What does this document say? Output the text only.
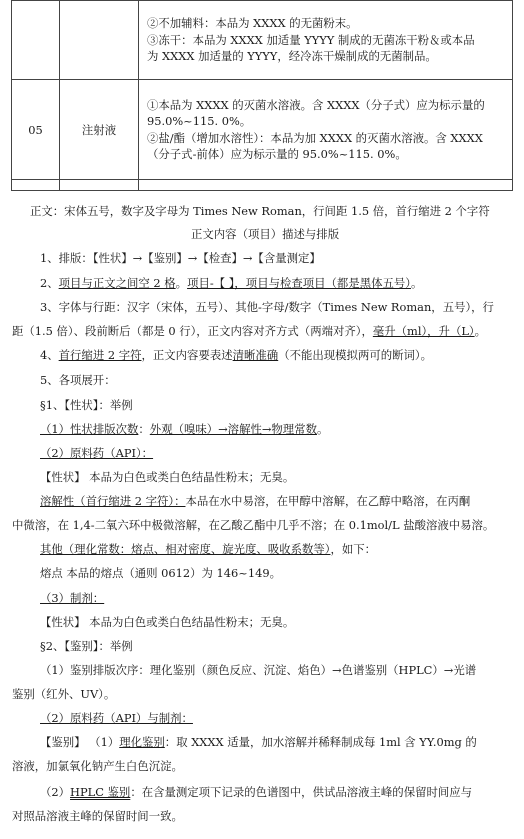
		②不加辅料：本品为 XXXX 的无菌粉末。
③冻干：本品为 XXXX 加适量 YYYY 制成的无菌冻干粉＆或本品
为 XXXX 加适量的 YYYY，经冷冻干燥制成的无菌制品。

05	注射液	①本品为 XXXX 的灭菌水溶液。含 XXXX（分子式）应为标示量的
95.0%~115. 0%。
②盐/酯（增加水溶性）：本品为加 XXXX 的灭菌水溶液。含 XXXX
（分子式-前体）应为标示量的 95.0%~115. 0%。

正文：宋体五号，数字及字母为 Times New Roman，行间距 1.5 倍，首行缩进 2 个字符
正文内容（项目）描述与排版
1、排版：【性状】→【鉴别】→【检查】→【含量测定】
2、项目与正文之间空 2 格。项目-【 】，项目与检查项目（都是黑体五号）。
3、字体与行距：汉字（宋体，五号）、其他-字母/数字（Times New Roman，五号），行
距（1.5 倍）、段前断后（都是 0 行），正文内容对齐方式（两端对齐），毫升（ml），升（L）。
4、首行缩进 2 字符，正文内容要表述清晰准确（不能出现模拟两可的断词）。
5、各项展开：
§1、【性状】：举例
（1）性状排版次数：外观（嗅味）→溶解性→物理常数。
（2）原料药（API）：
【性状】 本品为白色或类白色结晶性粉末；无臭。
溶解性（首行缩进 2 字符）：本品在水中易溶，在甲醇中溶解，在乙醇中略溶，在丙酮
中微溶，在 1,4-二氧六环中极微溶解，在乙酸乙酯中几乎不溶；在 0.1mol/L 盐酸溶液中易溶。
其他（理化常数：熔点、相对密度、旋光度、吸收系数等），如下：
熔点 本品的熔点（通则 0612）为 146~149。
（3）制剂：
【性状】 本品为白色或类白色结晶性粉末；无臭。
§2、【鉴别】：举例
（1）鉴别排版次序：理化鉴别（颜色反应、沉淀、焰色）→色谱鉴别（HPLC）→光谱
鉴别（红外、UV）。
（2）原料药（API）与制剂：
【鉴别】 （1）理化鉴别：取 XXXX 适量，加水溶解并稀释制成每 1ml 含 YY.0mg 的
溶液，加氯氧化钠产生白色沉淀。
（2）HPLC 鉴别：在含量测定项下记录的色谱图中，供试品溶液主峰的保留时间应与
对照品溶液主峰的保留时间一致。
